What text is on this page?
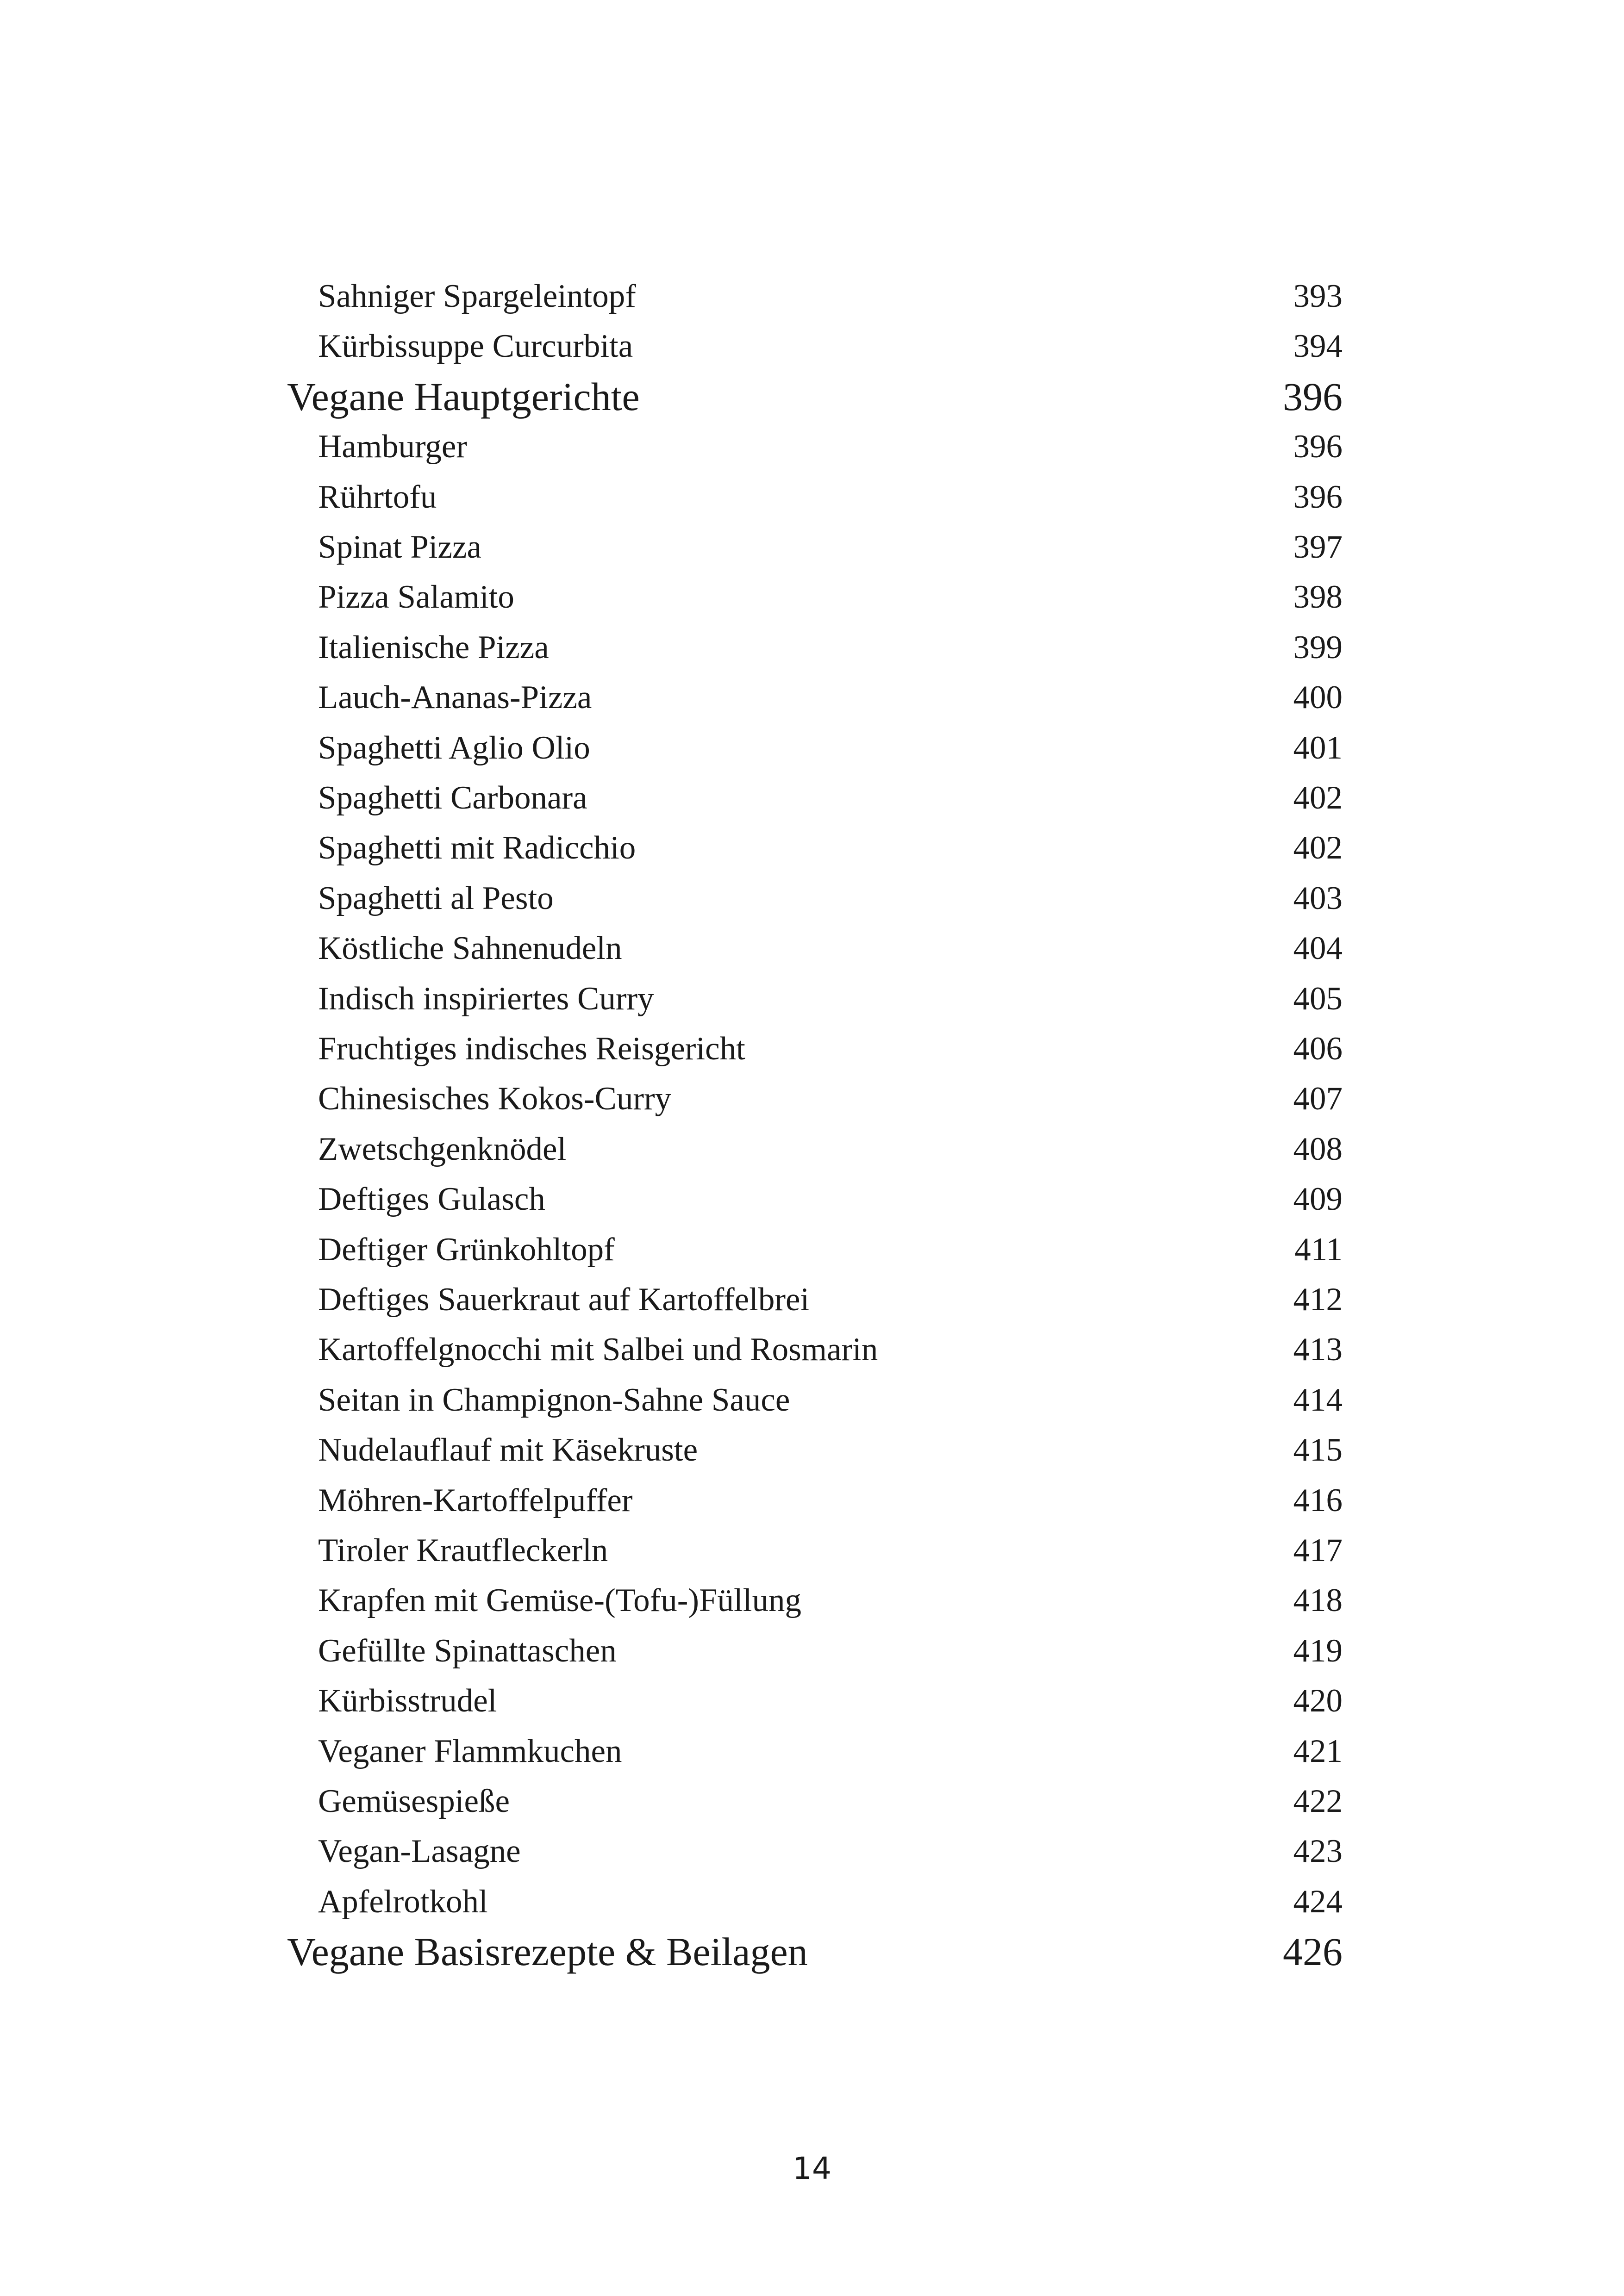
Sahniger Spargeleintopf	393
Kürbissuppe Curcurbita	394
Vegane Hauptgerichte	396
Hamburger	396
Rührtofu	396
Spinat Pizza	397
Pizza Salamito	398
Italienische Pizza	399
Lauch-Ananas-Pizza	400
Spaghetti Aglio Olio	401
Spaghetti Carbonara	402
Spaghetti mit Radicchio	402
Spaghetti al Pesto	403
Köstliche Sahnenudeln	404
Indisch inspiriertes Curry	405
Fruchtiges indisches Reisgericht	406
Chinesisches Kokos-Curry	407
Zwetschgenknödel	408
Deftiges Gulasch	409
Deftiger Grünkohltopf	411
Deftiges Sauerkraut auf Kartoffelbrei	412
Kartoffelgnocchi mit Salbei und Rosmarin	413
Seitan in Champignon-Sahne Sauce	414
Nudelauflauf mit Käsekruste	415
Möhren-Kartoffelpuffer	416
Tiroler Krautfleckerln	417
Krapfen mit Gemüse-(Tofu-)Füllung	418
Gefüllte Spinattaschen	419
Kürbisstrudel	420
Veganer Flammkuchen	421
Gemüsespieße	422
Vegan-Lasagne	423
Apfelrotkohl	424
Vegane Basisrezepte & Beilagen	426
14
